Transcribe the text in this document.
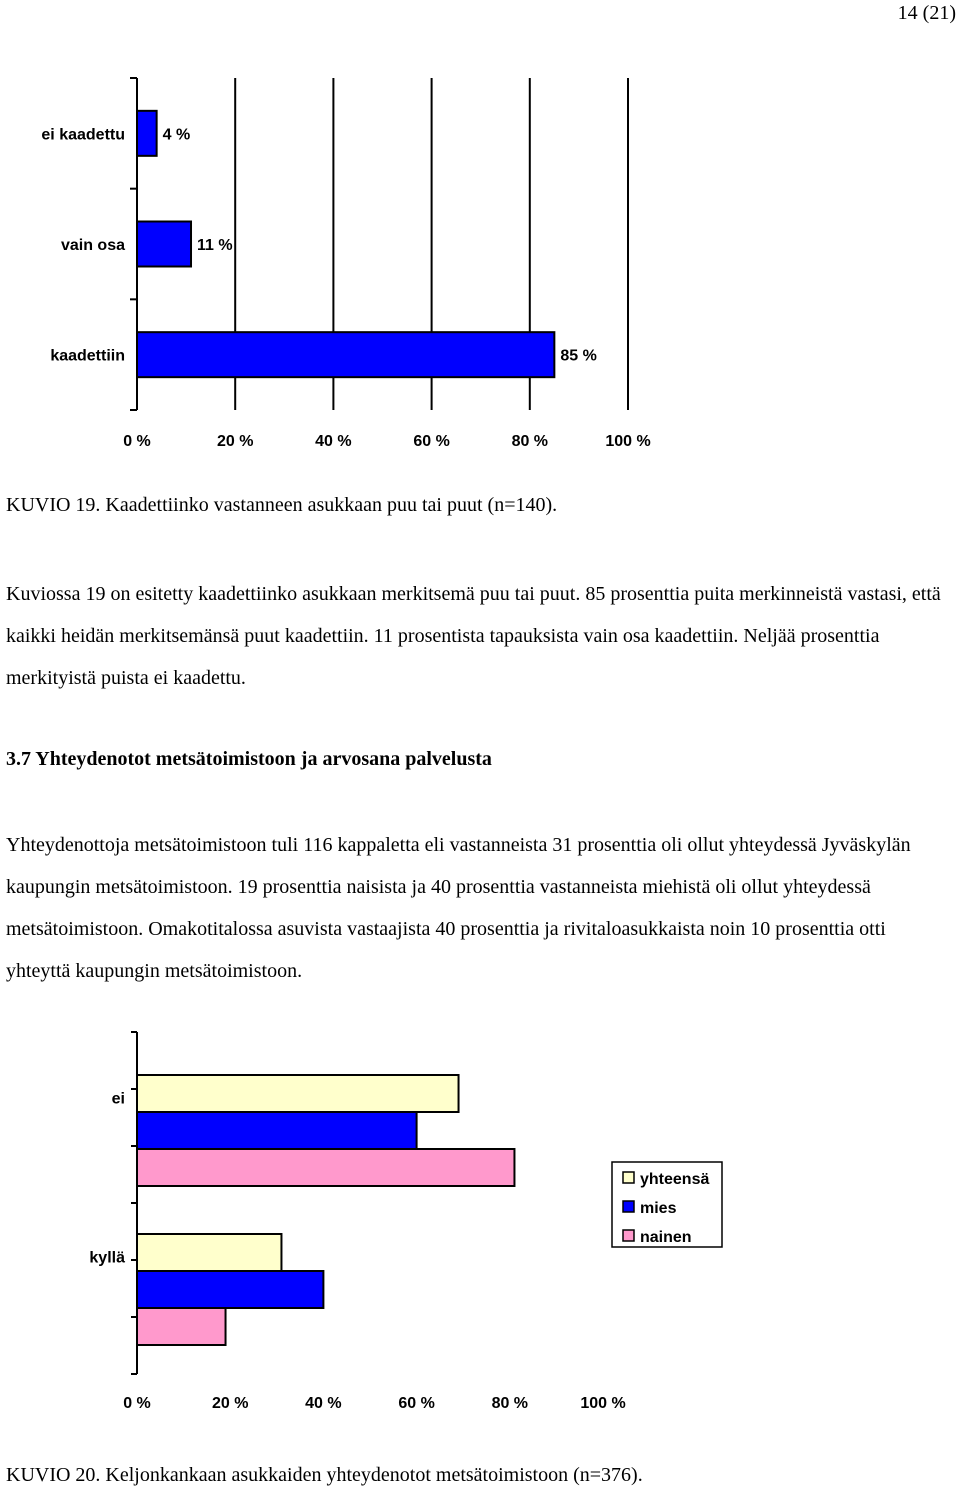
14 (21)
0 %	20 %	40 %	60 %	80 %	100 %
ei kaadettu 4 %
vain osa	11 %
kaadettiin	85 %
KUVIO 19. Kaadettiinko vastanneen asukkaan puu tai puut (n=140).

Kuviossa 19 on esitetty kaadettiinko asukkaan merkitsemä puu tai puut. 85 prosenttia puita merkinneistä vastasi, että kaikki heidän merkitsemänsä puut kaadettiin. 11 prosentista tapauksista vain osa kaadettiin. Neljää prosenttia merkityistä puista ei kaadettu.

3.7 Yhteydenotot metsätoimistoon ja arvosana palvelusta

Yhteydenottoja metsätoimistoon tuli 116 kappaletta eli vastanneista 31 prosenttia oli ollut yhteydessä Jyväskylän kaupungin metsätoimistoon. 19 prosenttia naisista ja 40 prosenttia vastanneista miehistä oli ollut yhteydessä metsätoimistoon. Omakotitalossa asuvista vastaajista 40 prosenttia ja rivitaloasukkaista noin 10 prosenttia otti yhteyttä kaupungin metsätoimistoon.

0 %	20 %	40 %	60 %	80 %	100 %
ei
kyllä
yhteensä
mies
nainen
KUVIO 20. Keljonkankaan asukkaiden yhteydenotot metsätoimistoon (n=376).
